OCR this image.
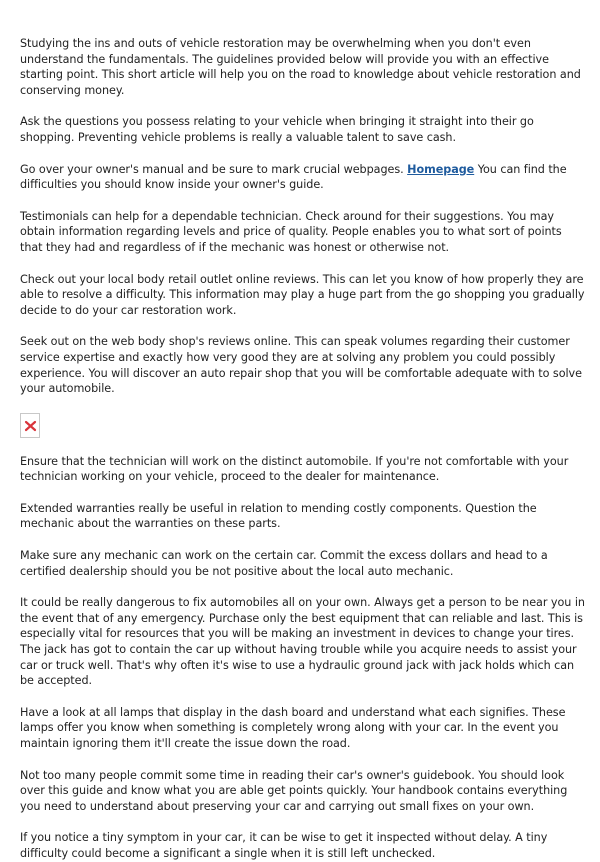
Studying the ins and outs of vehicle restoration may be overwhelming when you don't even understand the fundamentals. The guidelines provided below will provide you with an effective starting point. This short article will help you on the road to knowledge about vehicle restoration and conserving money.

Ask the questions you possess relating to your vehicle when bringing it straight into their go shopping. Preventing vehicle problems is really a valuable talent to save cash.

Go over your owner's manual and be sure to mark crucial webpages. Homepage You can find the difficulties you should know inside your owner's guide.

Testimonials can help for a dependable technician. Check around for their suggestions. You may obtain information regarding levels and price of quality. People enables you to what sort of points that they had and regardless of if the mechanic was honest or otherwise not.

Check out your local body retail outlet online reviews. This can let you know of how properly they are able to resolve a difficulty. This information may play a huge part from the go shopping you gradually decide to do your car restoration work.

Seek out on the web body shop's reviews online. This can speak volumes regarding their customer service expertise and exactly how very good they are at solving any problem you could possibly experience. You will discover an auto repair shop that you will be comfortable adequate with to solve your automobile.

Ensure that the technician will work on the distinct automobile. If you're not comfortable with your technician working on your vehicle, proceed to the dealer for maintenance.

Extended warranties really be useful in relation to mending costly components. Question the mechanic about the warranties on these parts.

Make sure any mechanic can work on the certain car. Commit the excess dollars and head to a certified dealership should you be not positive about the local auto mechanic.

It could be really dangerous to fix automobiles all on your own. Always get a person to be near you in the event that of any emergency. Purchase only the best equipment that can reliable and last. This is especially vital for resources that you will be making an investment in devices to change your tires. The jack has got to contain the car up without having trouble while you acquire needs to assist your car or truck well. That's why often it's wise to use a hydraulic ground jack with jack holds which can be accepted.

Have a look at all lamps that display in the dash board and understand what each signifies. These lamps offer you know when something is completely wrong along with your car. In the event you maintain ignoring them it'll create the issue down the road.

Not too many people commit some time in reading their car's owner's guidebook. You should look over this guide and know what you are able get points quickly. Your handbook contains everything you need to understand about preserving your car and carrying out small fixes on your own.

If you notice a tiny symptom in your car, it can be wise to get it inspected without delay. A tiny difficulty could become a significant a single when it is still left unchecked.
